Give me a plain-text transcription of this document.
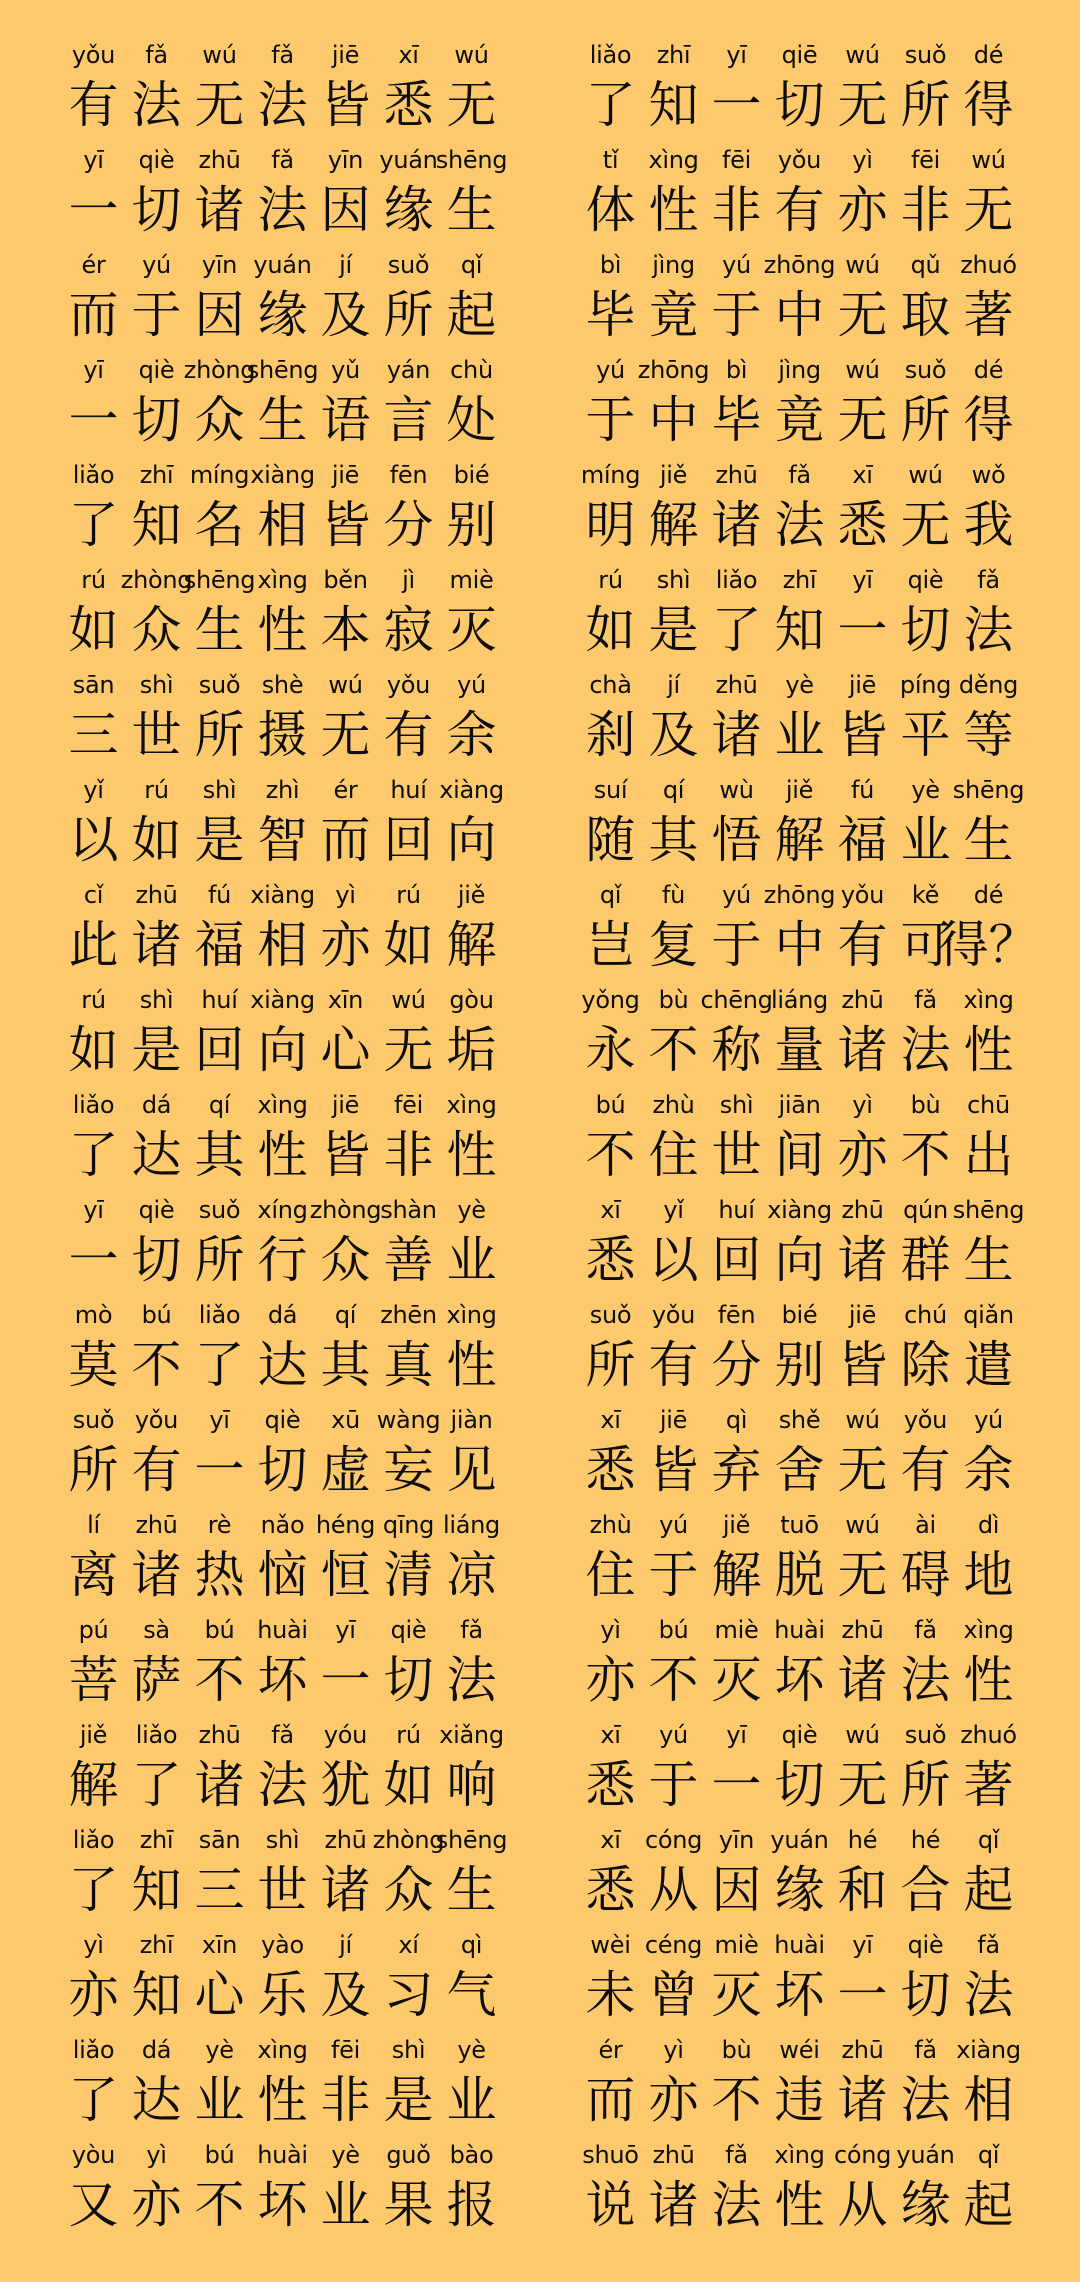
yǒu
有
fǎ
法
wú
无
fǎ
法
jiē
皆
xī
悉
wú
无
liǎo
了
zhī
知
yī
一
qiē
切
wú
无
suǒ
所
dé
得
yī
一
qiè
切
zhū
诸
fǎ
法
yīn
因
yuán
缘
shēng
生
tǐ
体
xìng
性
fēi
非
yǒu
有
yì
亦
fēi
非
wú
无
ér
而
yú
于
yīn
因
yuán
缘
jí
及
suǒ
所
qǐ
起
bì
毕
jìng
竟
yú
于
zhōng
中
wú
无
qǔ
取
zhuó
著
yī
一
qiè
切
zhòng
众
shēng
生
yǔ
语
yán
言
chù
处
yú
于
zhōng
中
bì
毕
jìng
竟
wú
无
suǒ
所
dé
得
liǎo
了
zhī
知
míng
名
xiàng
相
jiē
皆
fēn
分
bié
别
míng
明
jiě
解
zhū
诸
fǎ
法
xī
悉
wú
无
wǒ
我
rú
如
zhòng
众
shēng
生
xìng
性
běn
本
jì
寂
miè
灭
rú
如
shì
是
liǎo
了
zhī
知
yī
一
qiè
切
fǎ
法
sān
三
shì
世
suǒ
所
shè
摄
wú
无
yǒu
有
yú
余
chà
刹
jí
及
zhū
诸
yè
业
jiē
皆
píng
平
děng
等
yǐ
以
rú
如
shì
是
zhì
智
ér
而
huí
回
xiàng
向
suí
随
qí
其
wù
悟
jiě
解
fú
福
yè
业
shēng
生
cǐ
此
zhū
诸
fú
福
xiàng
相
yì
亦
rú
如
jiě
解
qǐ
岂
fù
复
yú
于
zhōng
中
yǒu
有
kě
可
dé
得？
rú
如
shì
是
huí
回
xiàng
向
xīn
心
wú
无
gòu
垢
yǒng
永
bù
不
chēng
称
liáng
量
zhū
诸
fǎ
法
xìng
性
liǎo
了
dá
达
qí
其
xìng
性
jiē
皆
fēi
非
xìng
性
bú
不
zhù
住
shì
世
jiān
间
yì
亦
bù
不
chū
出
yī
一
qiè
切
suǒ
所
xíng
行
zhòng
众
shàn
善
yè
业
xī
悉
yǐ
以
huí
回
xiàng
向
zhū
诸
qún
群
shēng
生
mò
莫
bú
不
liǎo
了
dá
达
qí
其
zhēn
真
xìng
性
suǒ
所
yǒu
有
fēn
分
bié
别
jiē
皆
chú
除
qiǎn
遣
suǒ
所
yǒu
有
yī
一
qiè
切
xū
虚
wàng
妄
jiàn
见
xī
悉
jiē
皆
qì
弃
shě
舍
wú
无
yǒu
有
yú
余
lí
离
zhū
诸
rè
热
nǎo
恼
héng
恒
qīng
清
liáng
凉
zhù
住
yú
于
jiě
解
tuō
脱
wú
无
ài
碍
dì
地
pú
菩
sà
萨
bú
不
huài
坏
yī
一
qiè
切
fǎ
法
yì
亦
bú
不
miè
灭
huài
坏
zhū
诸
fǎ
法
xìng
性
jiě
解
liǎo
了
zhū
诸
fǎ
法
yóu
犹
rú
如
xiǎng
响
xī
悉
yú
于
yī
一
qiè
切
wú
无
suǒ
所
zhuó
著
liǎo
了
zhī
知
sān
三
shì
世
zhū
诸
zhòng
众
shēng
生
xī
悉
cóng
从
yīn
因
yuán
缘
hé
和
hé
合
qǐ
起
yì
亦
zhī
知
xīn
心
yào
乐
jí
及
xí
习
qì
气
wèi
未
céng
曾
miè
灭
huài
坏
yī
一
qiè
切
fǎ
法
liǎo
了
dá
达
yè
业
xìng
性
fēi
非
shì
是
yè
业
ér
而
yì
亦
bù
不
wéi
违
zhū
诸
fǎ
法
xiàng
相
yòu
又
yì
亦
bú
不
huài
坏
yè
业
guǒ
果
bào
报
shuō
说
zhū
诸
fǎ
法
xìng
性
cóng
从
yuán
缘
qǐ
起
